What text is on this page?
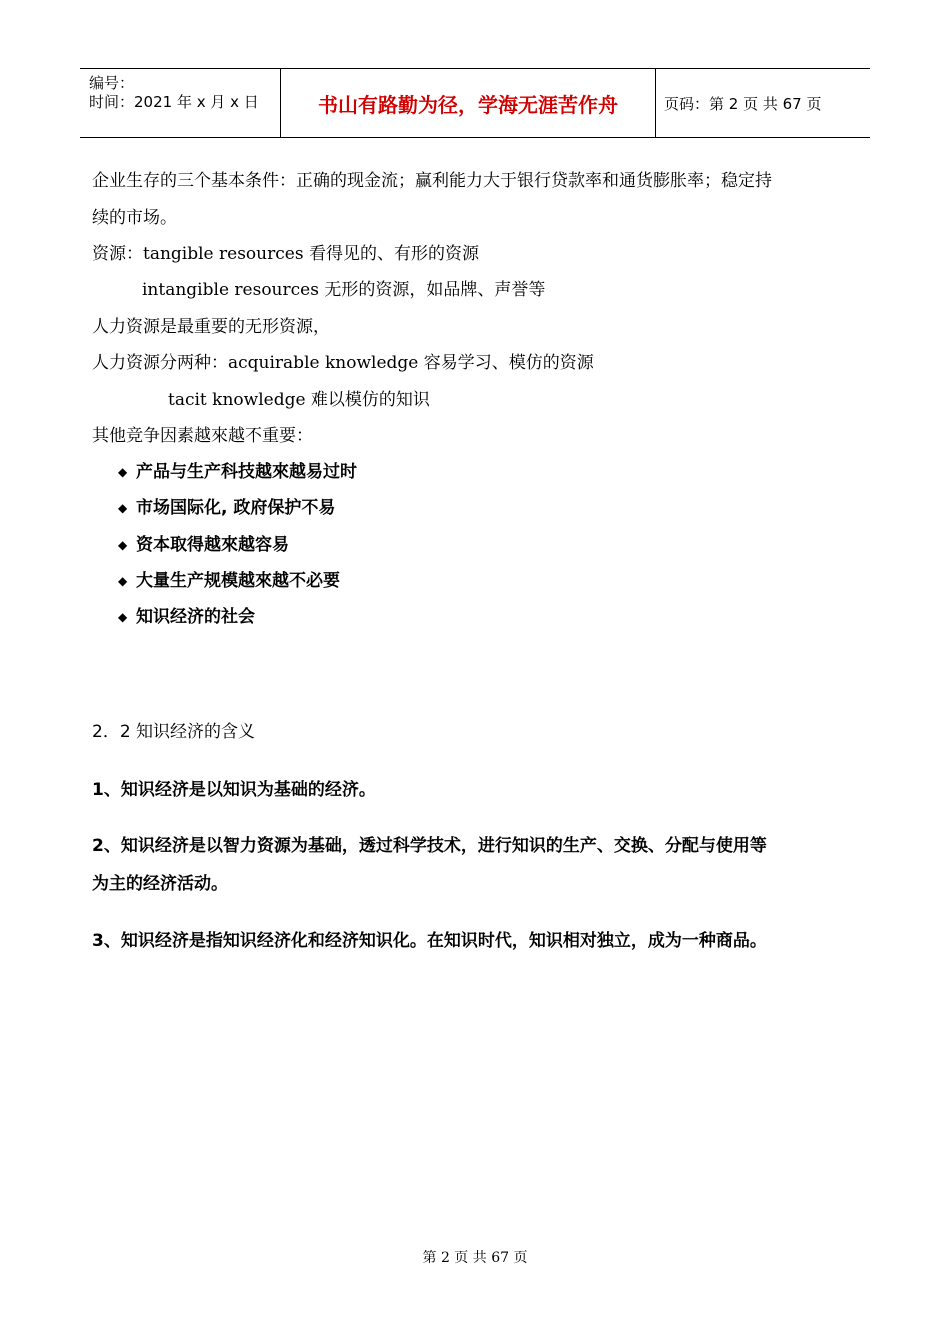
编号：
时间：2021 年 x 月 x 日	书山有路勤为径，学海无涯苦作舟	页码：第 2 页 共 67 页
企业生存的三个基本条件：正确的现金流；赢利能力大于银行贷款率和通货膨胀率；稳定持
续的市场。
资源：tangible resources 看得见的、有形的资源
intangible resources 无形的资源，如品牌、声誉等
人力资源是最重要的无形资源，
人力资源分两种：acquirable knowledge 容易学习、模仿的资源
tacit knowledge 难以模仿的知识
其他竞争因素越來越不重要：
◆ 产品与生产科技越來越易过时
◆ 市场国际化, 政府保护不易
◆ 资本取得越來越容易
◆ 大量生产规模越來越不必要
◆ 知识经济的社会
2．2 知识经济的含义
1、知识经济是以知识为基础的经济。
2、知识经济是以智力资源为基础，透过科学技术，进行知识的生产、交换、分配与使用等
为主的经济活动。
3、知识经济是指知识经济化和经济知识化。在知识时代，知识相对独立，成为一种商品。
第 2 页 共 67 页
